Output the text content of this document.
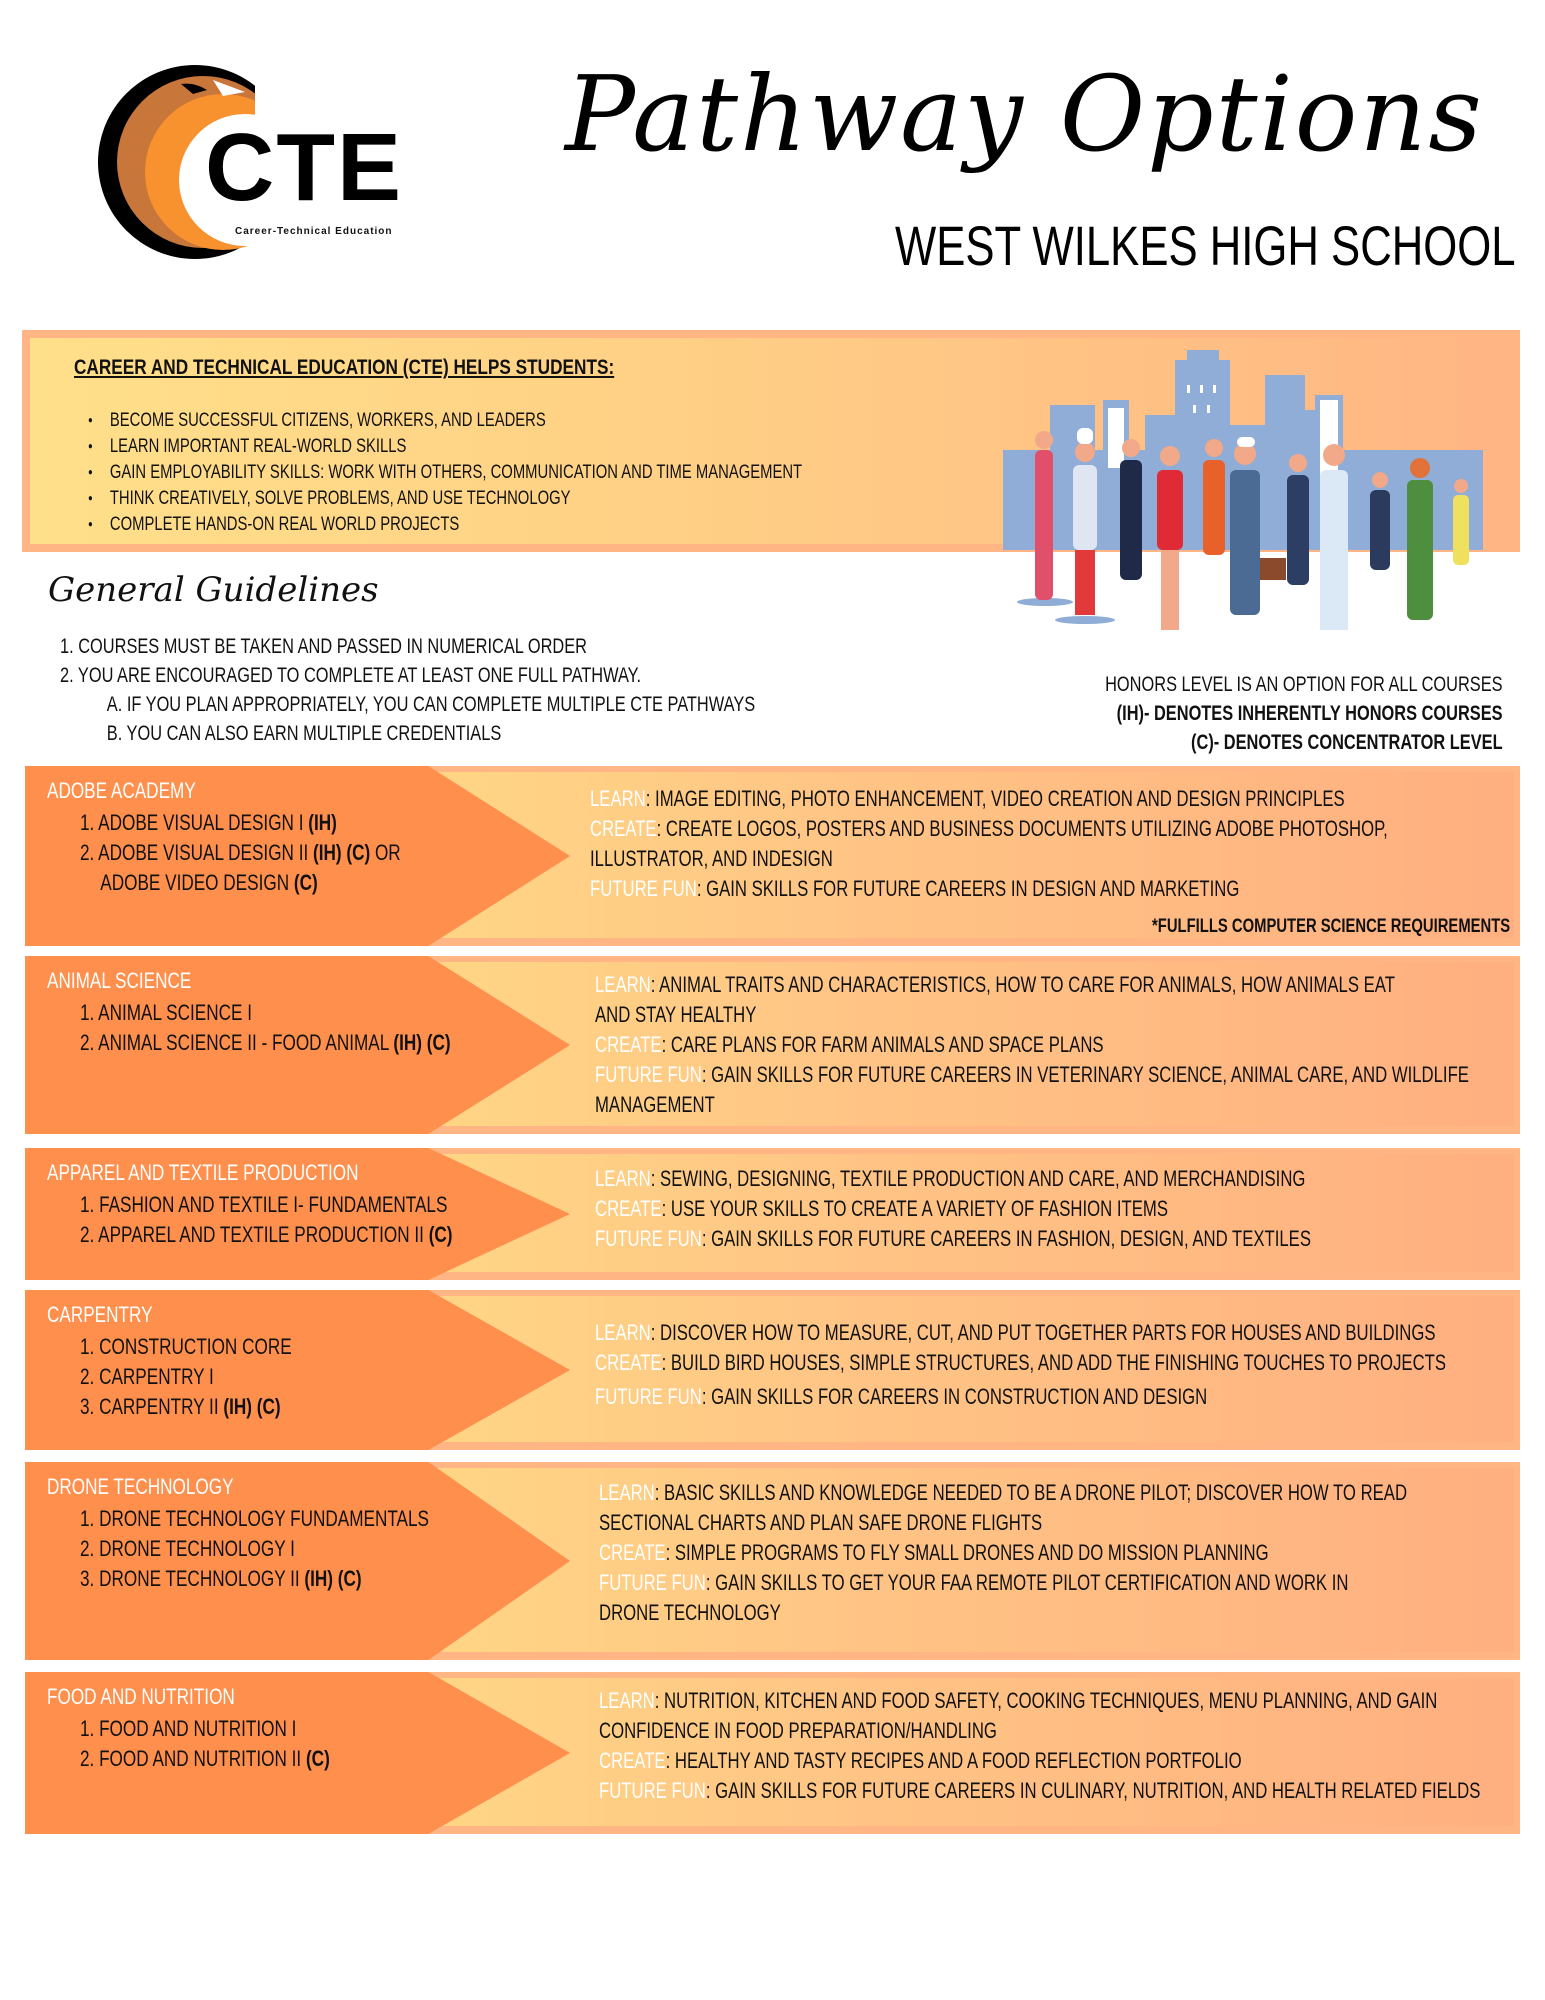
CTE
Career-Technical Education
Pathway Options
WEST WILKES HIGH SCHOOL
CAREER AND TECHNICAL EDUCATION (CTE) HELPS STUDENTS:
● BECOME SUCCESSFUL CITIZENS, WORKERS, AND LEADERS
● LEARN IMPORTANT REAL-WORLD SKILLS
● GAIN EMPLOYABILITY SKILLS: WORK WITH OTHERS, COMMUNICATION AND TIME MANAGEMENT
● THINK CREATIVELY, SOLVE PROBLEMS, AND USE TECHNOLOGY
● COMPLETE HANDS-ON REAL WORLD PROJECTS
General Guidelines
1. COURSES MUST BE TAKEN AND PASSED IN NUMERICAL ORDER
2. YOU ARE ENCOURAGED TO COMPLETE AT LEAST ONE FULL PATHWAY.
A. IF YOU PLAN APPROPRIATELY, YOU CAN COMPLETE MULTIPLE CTE PATHWAYS
B. YOU CAN ALSO EARN MULTIPLE CREDENTIALS
HONORS LEVEL IS AN OPTION FOR ALL COURSES
(IH)- DENOTES INHERENTLY HONORS COURSES
(C)- DENOTES CONCENTRATOR LEVEL
ADOBE ACADEMY
1. ADOBE VISUAL DESIGN I (IH)
2. ADOBE VISUAL DESIGN II (IH) (C) OR
ADOBE VIDEO DESIGN (C)
LEARN: IMAGE EDITING, PHOTO ENHANCEMENT, VIDEO CREATION AND DESIGN PRINCIPLES
CREATE: CREATE LOGOS, POSTERS AND BUSINESS DOCUMENTS UTILIZING ADOBE PHOTOSHOP,
ILLUSTRATOR, AND INDESIGN
FUTURE FUN: GAIN SKILLS FOR FUTURE CAREERS IN DESIGN AND MARKETING
*FULFILLS COMPUTER SCIENCE REQUIREMENTS
ANIMAL SCIENCE
1. ANIMAL SCIENCE I
2. ANIMAL SCIENCE II - FOOD ANIMAL (IH) (C)
LEARN: ANIMAL TRAITS AND CHARACTERISTICS, HOW TO CARE FOR ANIMALS, HOW ANIMALS EAT
AND STAY HEALTHY
CREATE: CARE PLANS FOR FARM ANIMALS AND SPACE PLANS
FUTURE FUN: GAIN SKILLS FOR FUTURE CAREERS IN VETERINARY SCIENCE, ANIMAL CARE, AND WILDLIFE
MANAGEMENT
APPAREL AND TEXTILE PRODUCTION
1. FASHION AND TEXTILE I- FUNDAMENTALS
2. APPAREL AND TEXTILE PRODUCTION II (C)
LEARN: SEWING, DESIGNING, TEXTILE PRODUCTION AND CARE, AND MERCHANDISING
CREATE: USE YOUR SKILLS TO CREATE A VARIETY OF FASHION ITEMS
FUTURE FUN: GAIN SKILLS FOR FUTURE CAREERS IN FASHION, DESIGN, AND TEXTILES
CARPENTRY
1. CONSTRUCTION CORE
2. CARPENTRY I
3. CARPENTRY II (IH) (C)
LEARN: DISCOVER HOW TO MEASURE, CUT, AND PUT TOGETHER PARTS FOR HOUSES AND BUILDINGS
CREATE: BUILD BIRD HOUSES, SIMPLE STRUCTURES, AND ADD THE FINISHING TOUCHES TO PROJECTS
FUTURE FUN: GAIN SKILLS FOR CAREERS IN CONSTRUCTION AND DESIGN
DRONE TECHNOLOGY
1. DRONE TECHNOLOGY FUNDAMENTALS
2. DRONE TECHNOLOGY I
3. DRONE TECHNOLOGY II (IH) (C)
LEARN: BASIC SKILLS AND KNOWLEDGE NEEDED TO BE A DRONE PILOT; DISCOVER HOW TO READ
SECTIONAL CHARTS AND PLAN SAFE DRONE FLIGHTS
CREATE: SIMPLE PROGRAMS TO FLY SMALL DRONES AND DO MISSION PLANNING
FUTURE FUN: GAIN SKILLS TO GET YOUR FAA REMOTE PILOT CERTIFICATION AND WORK IN
DRONE TECHNOLOGY
FOOD AND NUTRITION
1. FOOD AND NUTRITION I
2. FOOD AND NUTRITION II (C)
LEARN: NUTRITION, KITCHEN AND FOOD SAFETY, COOKING TECHNIQUES, MENU PLANNING, AND GAIN
CONFIDENCE IN FOOD PREPARATION/HANDLING
CREATE: HEALTHY AND TASTY RECIPES AND A FOOD REFLECTION PORTFOLIO
FUTURE FUN: GAIN SKILLS FOR FUTURE CAREERS IN CULINARY, NUTRITION, AND HEALTH RELATED FIELDS
